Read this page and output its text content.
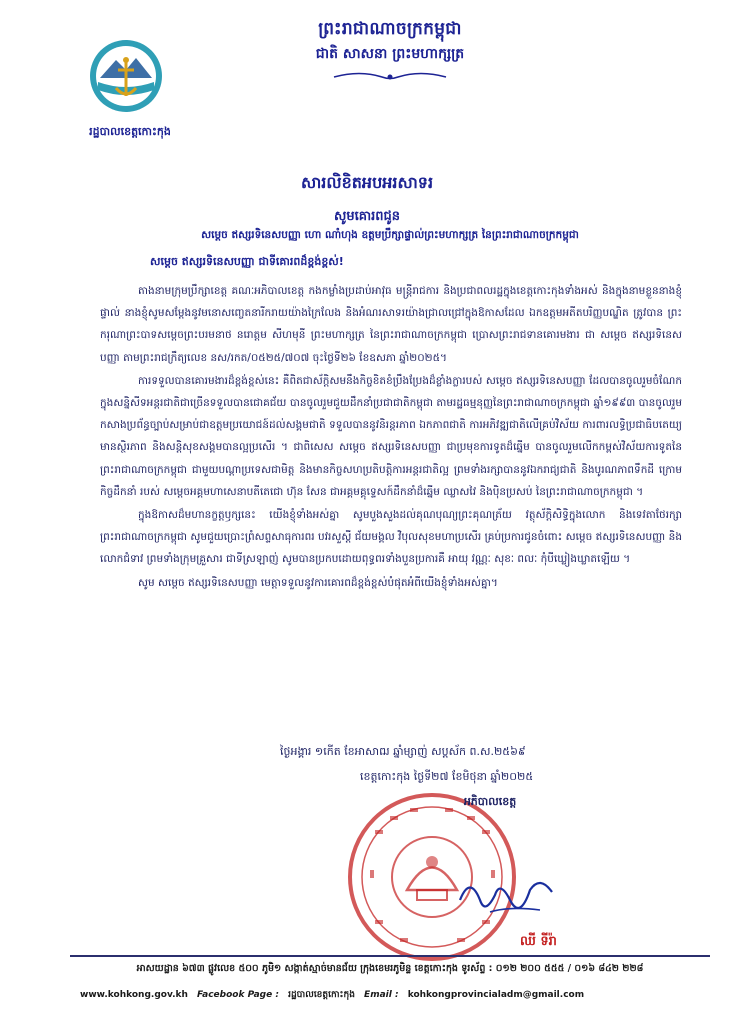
រដ្ឋបាលខេត្តកោះកុង
ព្រះរាជាណាចក្រកម្ពុជា
ជាតិ សាសនា ព្រះមហាក្សត្រ
សារលិខិតអបអរសាទរ
សូមគោរពជូន
សម្ដេច ឥស្សរទិនេសបញ្ញា ហោ ណាំហុង ឧត្តមប្រឹក្សាផ្ទាល់ព្រះមហាក្សត្រ នៃព្រះរាជាណាចក្រកម្ពុជា
សម្ដេច ឥស្សរទិនេសបញ្ញា ជាទីគោរពដ៏ខ្ពង់ខ្ពស់!

តាងនាមក្រុមប្រឹក្សាខេត្ត គណៈអភិបាលខេត្ត កងកម្លាំងប្រដាប់អាវុធ មន្ត្រីរាជការ និងប្រជាពលរដ្ឋក្នុងខេត្តកោះកុងទាំងអស់ និងក្នុងនាមខ្លួននាងខ្ញុំផ្ទាល់ នាងខ្ញុំសូមសម្ដែងនូវមនោសញ្ចេតនារីករាយយ៉ាងក្រៃលែង និងអំណរសាទរយ៉ាងជ្រាលជ្រៅក្នុងឱកាសដែល ឯកឧត្ដមអតីតបរិញ្ញបណ្ឌិត ត្រូវបាន ព្រះករុណាព្រះបាទសម្ដេចព្រះបរមនាថ នរោត្តម សីហមុនី ព្រះមហាក្សត្រ នៃព្រះរាជាណាចក្រកម្ពុជា ប្រោសព្រះរាជទានគោរមងារ ជា សម្ដេច ឥស្សរទិនេសបញ្ញា តាមព្រះរាជក្រឹត្យលេខ នស/រកត/០៥២៥/៧០៧ ចុះថ្ងៃទី២៦ ខែឧសភា ឆ្នាំ២០២៥។

ការទទួលបានគោរមងារដ៏ខ្ពង់ខ្ពស់នេះ គឺពិតជាស័ក្ដិសមនឹងកិច្ចខិតខំប្រឹងប្រែងដ៏ខ្លាំងក្លារបស់ សម្ដេច ឥស្សរទិនេសបញ្ញា ដែលបានចូលរួមចំណែកក្នុងសន្និសីទអន្តរជាតិជាច្រើនទទួលបានជោគជ័យ បានចូលរួមជួយដឹកនាំប្រជាជាតិកម្ពុជា តាមរដ្ឋធម្មនុញ្ញនៃព្រះរាជាណាចក្រកម្ពុជា ឆ្នាំ១៩៩៣ បានចូលរួមកសាងប្រព័ន្ធច្បាប់សម្រាប់ជាឧត្តមប្រយោជន៍ដល់សង្គមជាតិ ទទួលបាននូវនិរន្តរភាព ឯកភាពជាតិ ការអភិវឌ្ឍជាតិលើគ្រប់វិស័យ ការពារលទ្ធិប្រជាធិបតេយ្យ មានស្ថិរភាព និងសន្តិសុខសង្គមបានល្អប្រសើរ ។ ជាពិសេស សម្ដេច ឥស្សរទិនេសបញ្ញា ជាប្រមុខការទូតដ៏ឆ្នើម បានចូលរួមលើកកម្ពស់វិស័យការទូតនៃព្រះរាជាណាចក្រកម្ពុជា ជាមួយបណ្ដាប្រទេសជាមិត្ត និងមានកិច្ចសហប្រតិបត្តិការអន្តរជាតិល្អ ព្រមទាំងរក្សាបាននូវឯករាជ្យជាតិ និងបូរណភាពទឹកដី ក្រោមកិច្ចដឹកនាំ របស់ សម្ដេចអគ្គមហាសេនាបតីតេជោ ហ៊ុន សែន ជាអគ្គមគ្គុទ្ទេសក៍ដឹកនាំដ៏ឆ្នើម ឈ្លាសវៃ និងប៉ិនប្រសប់ នៃព្រះរាជាណាចក្រកម្ពុជា ។

ក្នុងឱកាសដ៏មហានក្ខត្តឫក្សនេះ យើងខ្ញុំទាំងអស់គ្នា សូមបួងសួងដល់គុណបុណ្យព្រះគុណត្រ័យ វត្ថុស័ក្តិសិទ្ធិក្នុងលោក និងទេវតាថែរក្សាព្រះរាជាណាចក្រកម្ពុជា សូមជួយប្រោះព្រំសព្ទសាធុការពរ បវរសួស្ដី ជ័យមង្គល វិបុលសុខមហាប្រសើរ គ្រប់ប្រការជូនចំពោះ សម្ដេច ឥស្សរទិនេសបញ្ញា និងលោកជំទាវ ព្រមទាំងក្រុមគ្រួសារ ជាទីស្រឡាញ់ សូមបានប្រកបដោយពុទ្ធពរទាំងបួនប្រការគឺ អាយុ វណ្ណៈ សុខៈ ពលៈ កុំបីឃ្លៀងឃ្លាតឡើយ ។

សូម សម្ដេច ឥស្សរទិនេសបញ្ញា មេត្តាទទួលនូវការគោរពដ៏ខ្ពង់ខ្ពស់បំផុតអំពីយើងខ្ញុំទាំងអស់គ្នា។

ថ្ងៃអង្គារ ១កើត ខែអាសាឍ ឆ្នាំម្សាញ់ សប្តស័ក ព.ស.២៥៦៩
ខេត្តកោះកុង ថ្ងៃទី២៧ ខែមិថុនា ឆ្នាំ២០២៥
អភិបាលខេត្ត
ឈី ទីរ៉ា
អាសយដ្ឋាន ៦៧៣ ផ្លូវលេខ ៥០០ ភូមិ១ សង្កាត់ស្មាច់មានជ័យ ក្រុងខេមរភូមិន្ទ ខេត្តកោះកុង ទូរស័ព្ទ : ០១២ ២០០ ៥៥៥ / ០១៦ ៨៤២ ២២៨
www.kohkong.gov.kh Facebook Page : រដ្ឋបាលខេត្តកោះកុង Email : kohkongprovincialadm@gmail.com
